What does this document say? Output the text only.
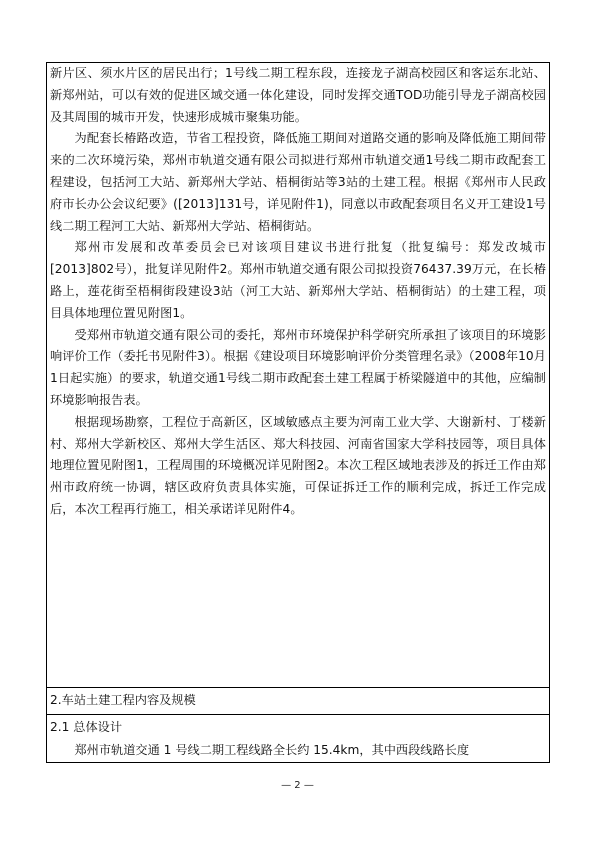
新片区、须水片区的居民出行；1号线二期工程东段，连接龙子湖高校园区和客运东北站、新郑州站，可以有效的促进区域交通一体化建设，同时发挥交通TOD功能引导龙子湖高校园及其周围的城市开发，快速形成城市聚集功能。

为配套长椿路改造，节省工程投资，降低施工期间对道路交通的影响及降低施工期间带来的二次环境污染，郑州市轨道交通有限公司拟进行郑州市轨道交通1号线二期市政配套工程建设，包括河工大站、新郑州大学站、梧桐街站等3站的土建工程。根据《郑州市人民政府市长办公会议纪要》([2013]131号，详见附件1)，同意以市政配套项目名义开工建设1号线二期工程河工大站、新郑州大学站、梧桐街站。

郑州市发展和改革委员会已对该项目建议书进行批复（批复编号：郑发改城市[2013]802号），批复详见附件2。郑州市轨道交通有限公司拟投资76437.39万元，在长椿路上，莲花街至梧桐街段建设3站（河工大站、新郑州大学站、梧桐街站）的土建工程，项目具体地理位置见附图1。

受郑州市轨道交通有限公司的委托，郑州市环境保护科学研究所承担了该项目的环境影响评价工作（委托书见附件3）。根据《建设项目环境影响评价分类管理名录》（2008年10月1日起实施）的要求，轨道交通1号线二期市政配套土建工程属于桥梁隧道中的其他，应编制环境影响报告表。

根据现场勘察，工程位于高新区，区域敏感点主要为河南工业大学、大谢新村、丁楼新村、郑州大学新校区、郑州大学生活区、郑大科技园、河南省国家大学科技园等，项目具体地理位置见附图1，工程周围的环境概况详见附图2。本次工程区域地表涉及的拆迁工作由郑州市政府统一协调，辖区政府负责具体实施，可保证拆迁工作的顺利完成，拆迁工作完成后，本次工程再行施工，相关承诺详见附件4。

2.车站土建工程内容及规模
2.1 总体设计
郑州市轨道交通 1 号线二期工程线路全长约 15.4km，其中西段线路长度
— 2 —
